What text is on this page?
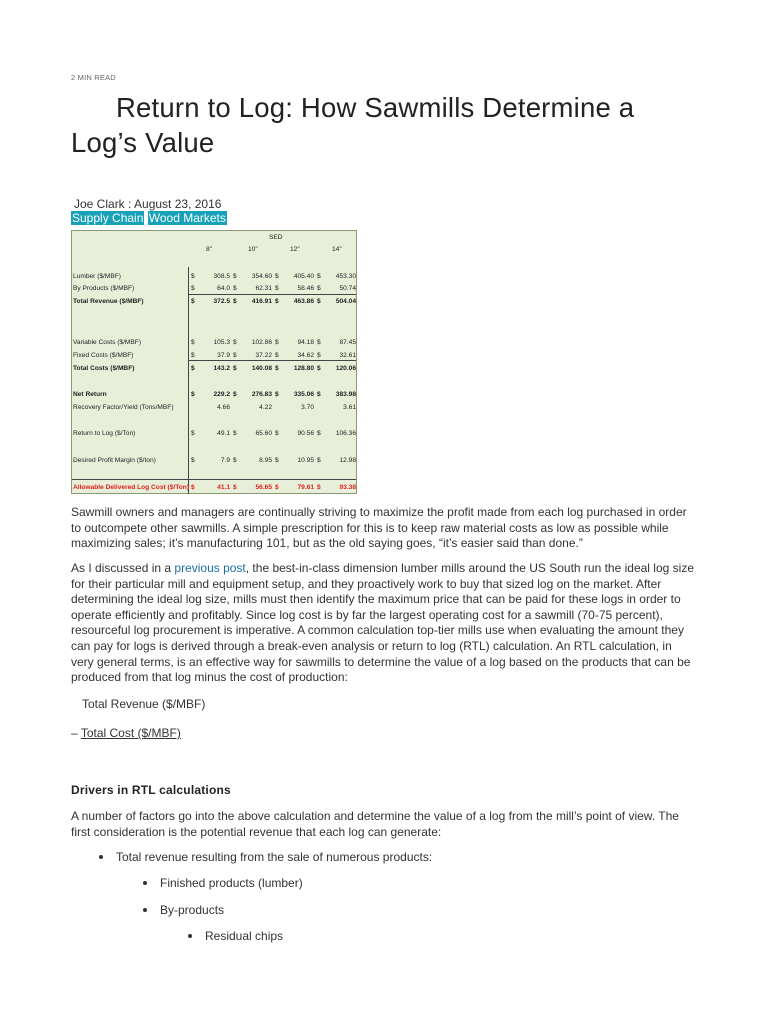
2 MIN READ
Return to Log: How Sawmills Determine a Log’s Value
Joe Clark : August 23, 2016
Supply Chain Wood Markets
SED
8"	10"	12"	14"
Lumber ($/MBF)	$	308.5 $	354.60 $	405.40 $	453.30
By Products ($/MBF)	$	64.0 $	62.31 $	58.46 $	50.74
Total Revenue ($/MBF)	$	372.5 $	416.91 $	463.86 $	504.04
Variable Costs ($/MBF)	$	105.3 $	102.86 $	94.18 $	87.45
Fixed Costs ($/MBF)	$	37.9 $	37.22 $	34.62 $	32.61
Total Costs ($/MBF)	$	143.2 $	140.08 $	128.80 $	120.06
Net Return	$	229.2 $	276.83 $	335.06 $	383.98
Recovery Factor/Yield (Tons/MBF)	4.66	4.22	3.70	3.61
Return to Log ($/Ton)	$	49.1 $	65.60 $	90.56 $	106.36
Desired Profit Margin ($/ton)	$	7.9 $	8.95 $	10.95 $	12.98
Allowable Delivered Log Cost ($/Ton) $	41.1 $	56.65 $	79.61 $	93.38

Sawmill owners and managers are continually striving to maximize the profit made from each log purchased in order to outcompete other sawmills. A simple prescription for this is to keep raw material costs as low as possible while maximizing sales; it’s manufacturing 101, but as the old saying goes, “it’s easier said than done.”

As I discussed in a previous post, the best-in-class dimension lumber mills around the US South run the ideal log size for their particular mill and equipment setup, and they proactively work to buy that sized log on the market. After determining the ideal log size, mills must then identify the maximum price that can be paid for these logs in order to operate efficiently and profitably. Since log cost is by far the largest operating cost for a sawmill (70-75 percent), resourceful log procurement is imperative. A common calculation top-tier mills use when evaluating the amount they can pay for logs is derived through a break-even analysis or return to log (RTL) calculation. An RTL calculation, in very general terms, is an effective way for sawmills to determine the value of a log based on the products that can be produced from that log minus the cost of production:

Total Revenue ($/MBF)
– Total Cost ($/MBF)
Drivers in RTL calculations

A number of factors go into the above calculation and determine the value of a log from the mill’s point of view. The first consideration is the potential revenue that each log can generate:

Total revenue resulting from the sale of numerous products:
Finished products (lumber)
By-products
Residual chips
